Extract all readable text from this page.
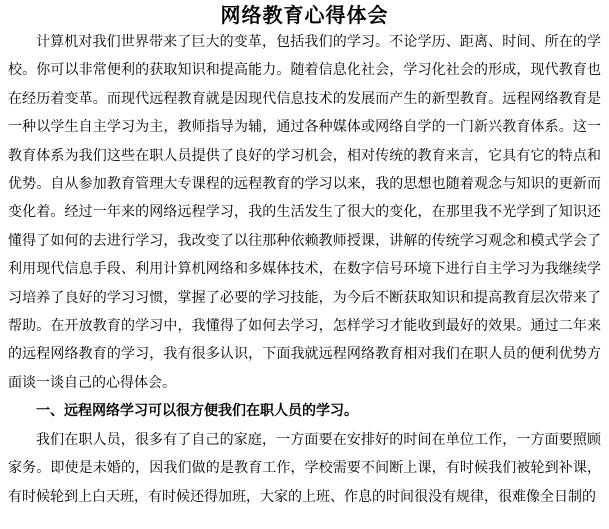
网络教育心得体会

计算机对我们世界带来了巨大的变革，包括我们的学习。不论学历、距离、时间、所在的学校。你可以非常便利的获取知识和提高能力。随着信息化社会，学习化社会的形成，现代教育也在经历着变革。而现代远程教育就是因现代信息技术的发展而产生的新型教育。远程网络教育是一种以学生自主学习为主，教师指导为辅，通过各种媒体或网络自学的一门新兴教育体系。这一教育体系为我们这些在职人员提供了良好的学习机会，相对传统的教育来言，它具有它的特点和优势。自从参加教育管理大专课程的远程教育的学习以来，我的思想也随着观念与知识的更新而变化着。经过一年来的网络远程学习，我的生活发生了很大的变化，在那里我不光学到了知识还懂得了如何的去进行学习，我改变了以往那种依赖教师授课，讲解的传统学习观念和模式学会了利用现代信息手段、利用计算机网络和多媒体技术，在数字信号环境下进行自主学习为我继续学习培养了良好的学习习惯，掌握了必要的学习技能，为今后不断获取知识和提高教育层次带来了帮助。在开放教育的学习中，我懂得了如何去学习，怎样学习才能收到最好的效果。通过二年来的远程网络教育的学习，我有很多认识，下面我就远程网络教育相对我们在职人员的便利优势方面谈一谈自己的心得体会。

一、远程网络学习可以很方便我们在职人员的学习。

我们在职人员，很多有了自己的家庭，一方面要在安排好的时间在单位工作，一方面要照顾家务。即使是未婚的，因我们做的是教育工作，学校需要不间断上课，有时候我们被轮到补课，有时候轮到上白天班，有时候还得加班，大家的上班、作息的时间很没有规律，很难像全日制的
